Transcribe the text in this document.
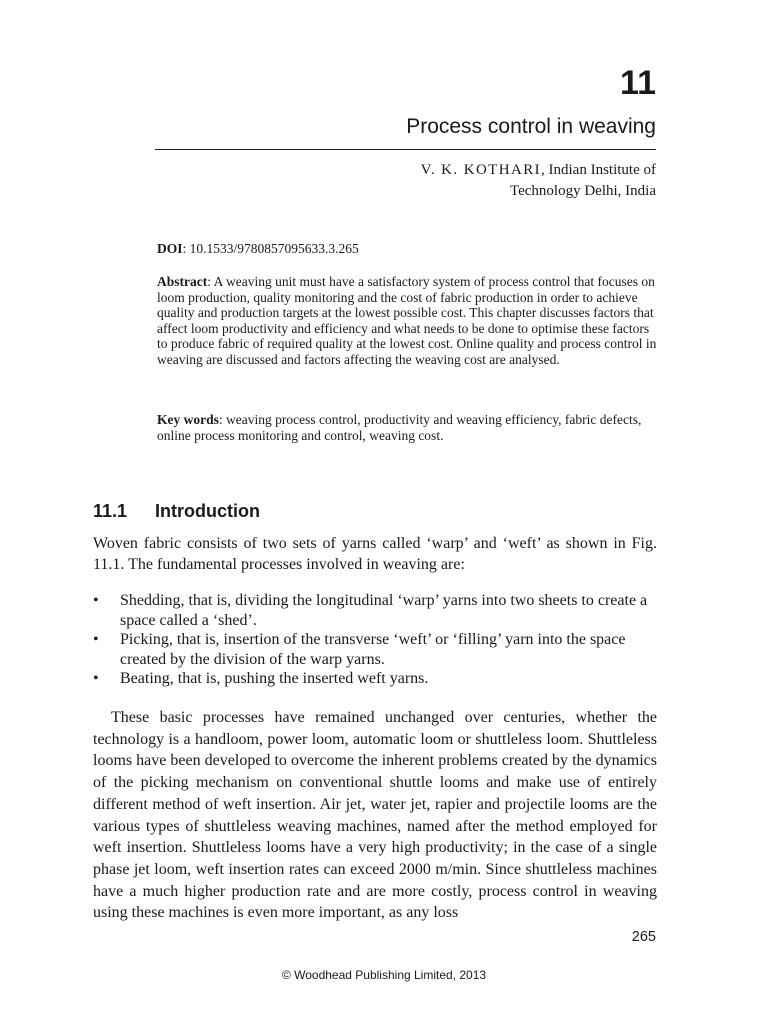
11
Process control in weaving
V. K. KOTHARI, Indian Institute of
Technology Delhi, India
DOI: 10.1533/9780857095633.3.265

Abstract: A weaving unit must have a satisfactory system of process control that focuses on loom production, quality monitoring and the cost of fabric production in order to achieve quality and production targets at the lowest possible cost. This chapter discusses factors that affect loom productivity and efficiency and what needs to be done to optimise these factors to produce fabric of required quality at the lowest cost. Online quality and process control in weaving are discussed and factors affecting the weaving cost are analysed.

Key words: weaving process control, productivity and weaving efficiency, fabric defects, online process monitoring and control, weaving cost.

11.1 Introduction

Woven fabric consists of two sets of yarns called ‘warp’ and ‘weft’ as shown in Fig. 11.1. The fundamental processes involved in weaving are:

• Shedding, that is, dividing the longitudinal ‘warp’ yarns into two sheets to create a space called a ‘shed’.
• Picking, that is, insertion of the transverse ‘weft’ or ‘filling’ yarn into the space created by the division of the warp yarns.
• Beating, that is, pushing the inserted weft yarns.

These basic processes have remained unchanged over centuries, whether the technology is a handloom, power loom, automatic loom or shuttleless loom. Shuttleless looms have been developed to overcome the inherent problems created by the dynamics of the picking mechanism on conventional shuttle looms and make use of entirely different method of weft insertion. Air jet, water jet, rapier and projectile looms are the various types of shuttleless weaving machines, named after the method employed for weft insertion. Shuttleless looms have a very high productivity; in the case of a single phase jet loom, weft insertion rates can exceed 2000 m/min. Since shuttleless machines have a much higher production rate and are more costly, process control in weaving using these machines is even more important, as any loss

265
© Woodhead Publishing Limited, 2013
